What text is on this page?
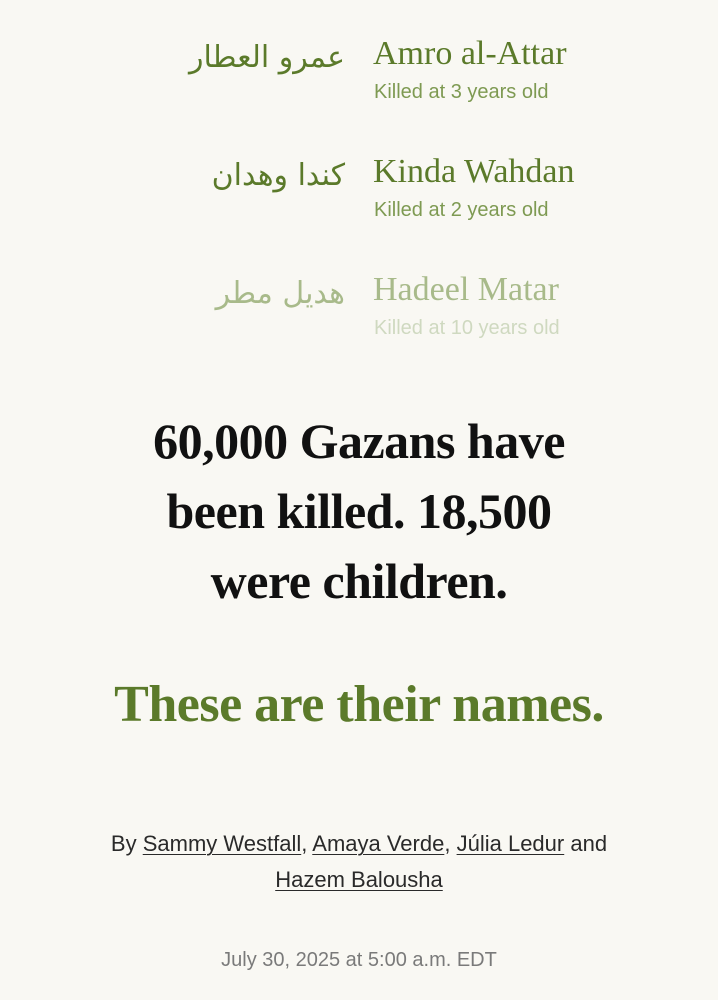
عمرو العطار Amro al-Attar
Killed at 3 years old
كندا وهدان Kinda Wahdan
Killed at 2 years old
هديل مطر Hadeel Matar
Killed at 10 years old
60,000 Gazans have
been killed. 18,500
were children.
These are their names.
By Sammy Westfall, Amaya Verde, Júlia Ledur and
Hazem Balousha
July 30, 2025 at 5:00 a.m. EDT
